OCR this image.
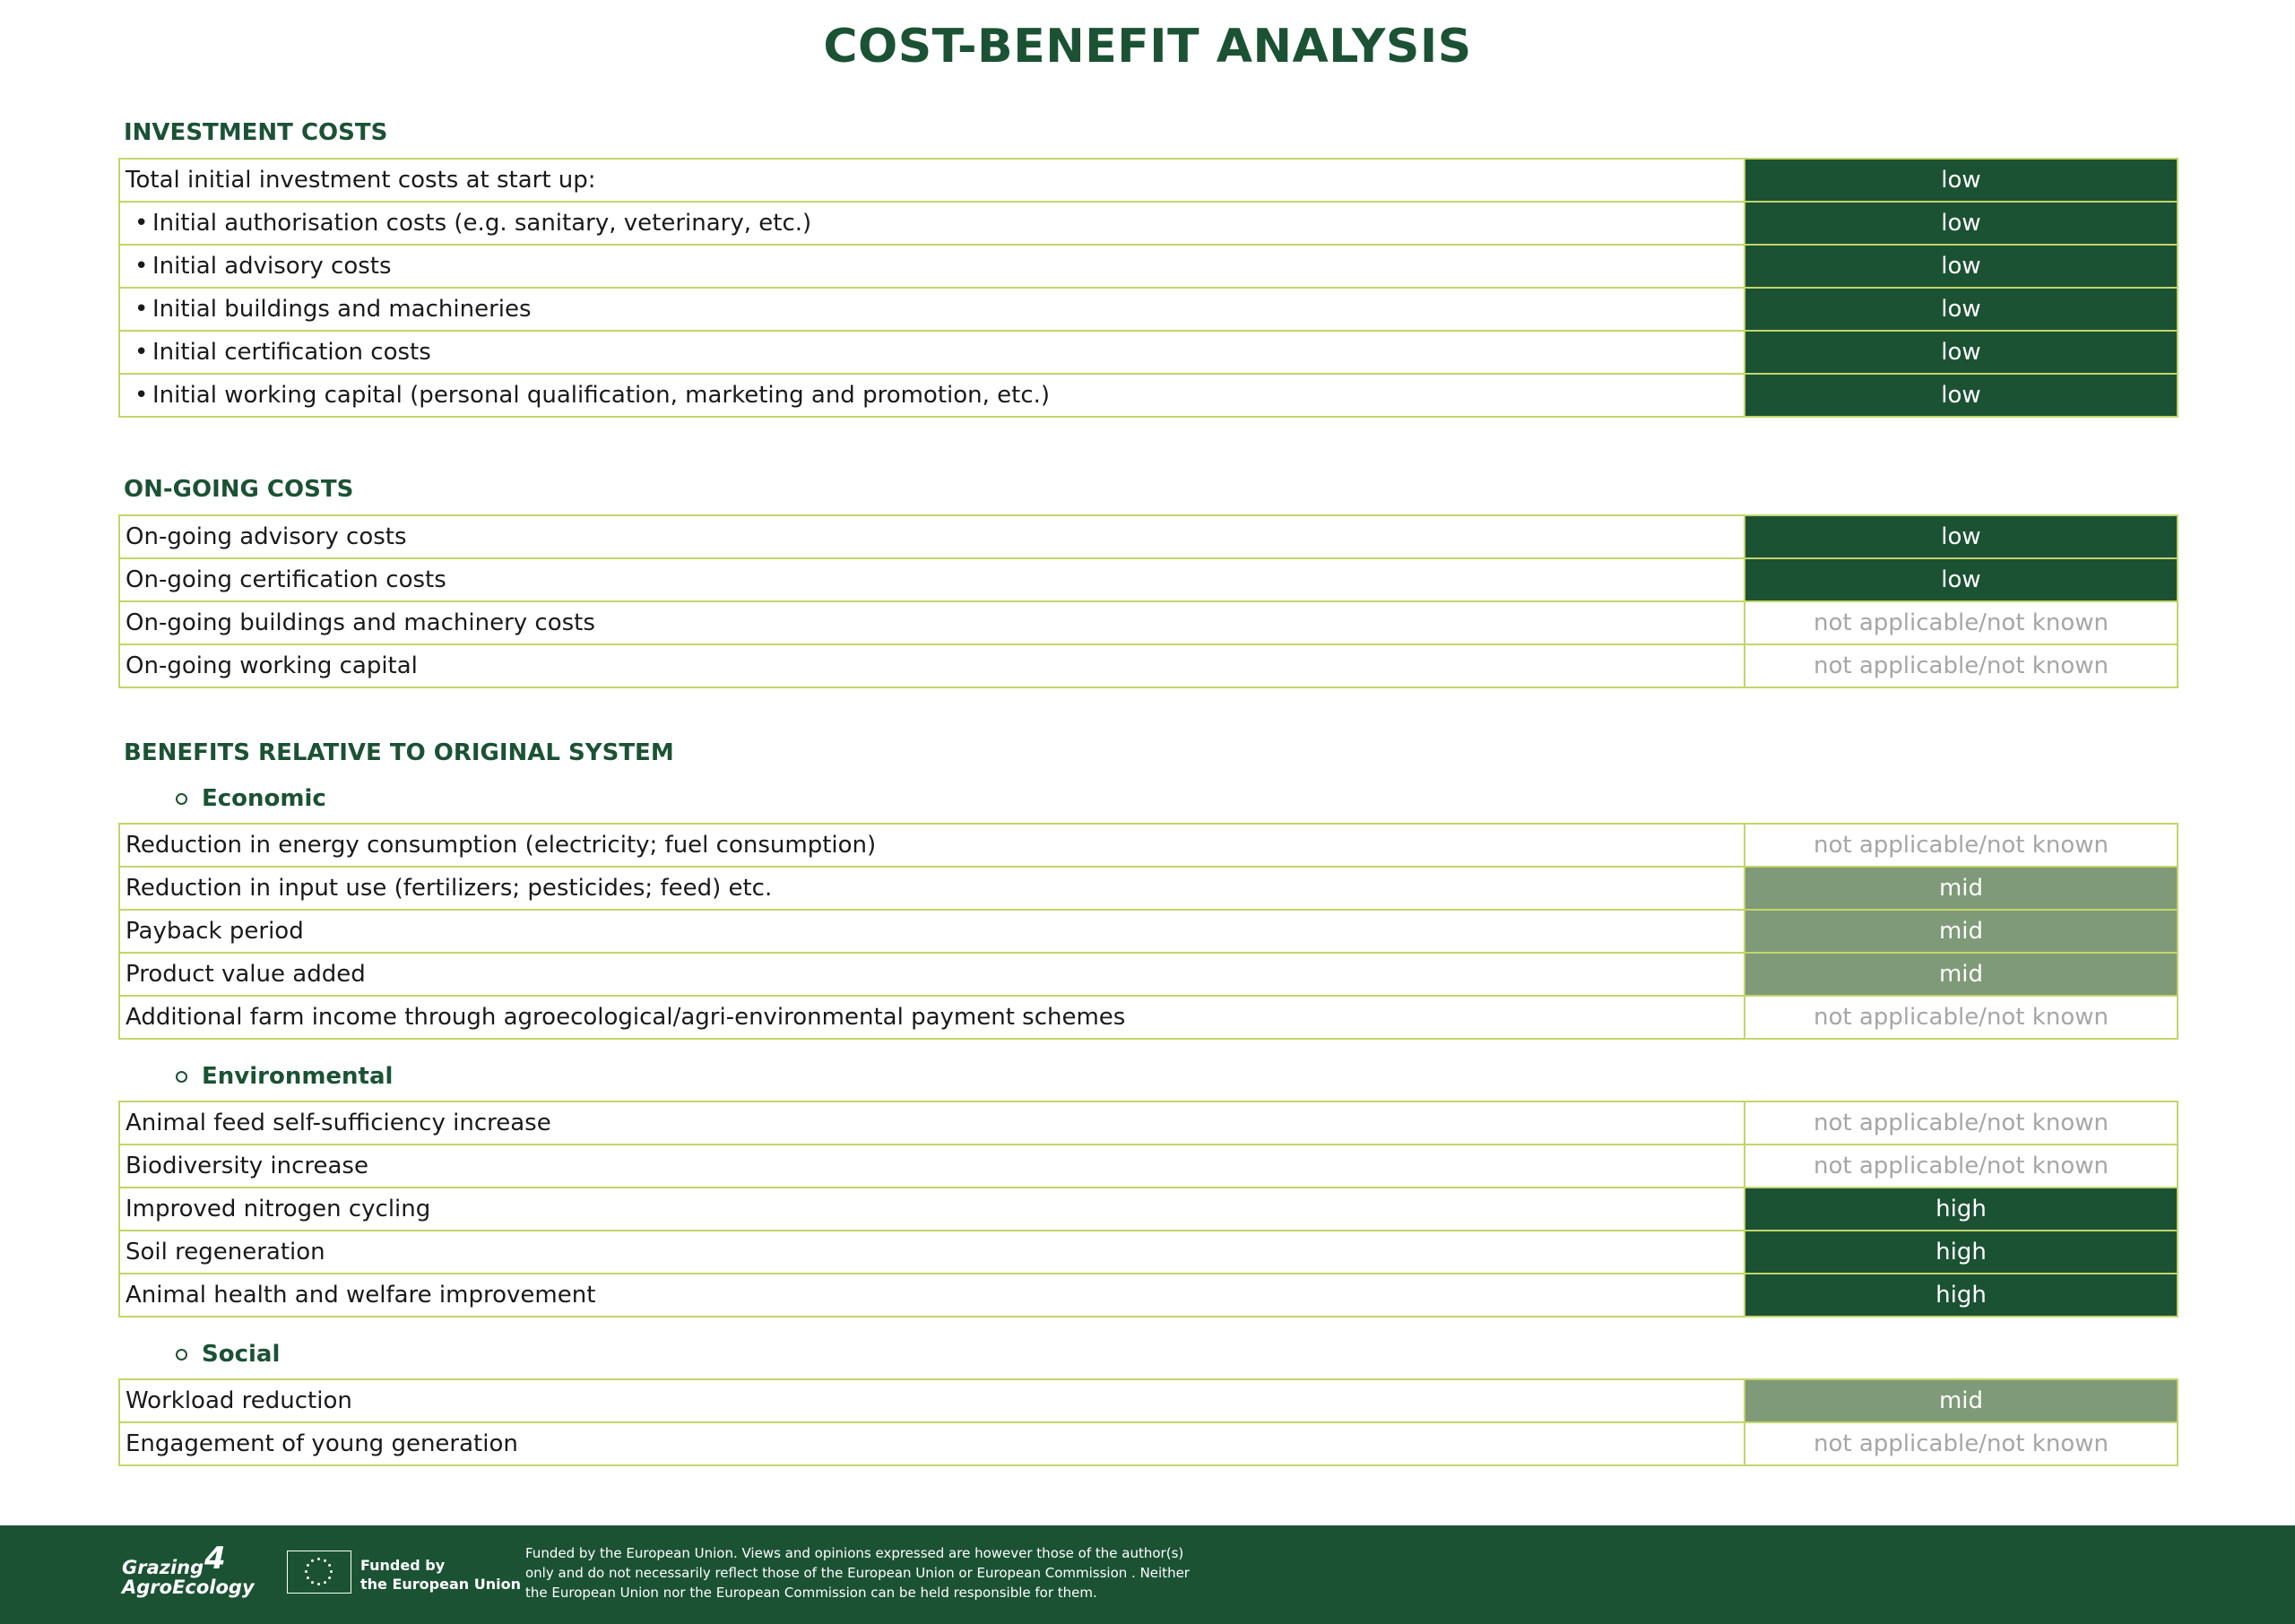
COST-BENEFIT ANALYSIS
INVESTMENT COSTS
Total initial investment costs at start up:	low
• Initial authorisation costs (e.g. sanitary, veterinary, etc.)	low
• Initial advisory costs	low
• Initial buildings and machineries	low
• Initial certification costs	low
• Initial working capital (personal qualification, marketing and promotion, etc.)	low
ON-GOING COSTS
On-going advisory costs	low
On-going certification costs	low
On-going buildings and machinery costs	not applicable/not known
On-going working capital	not applicable/not known
BENEFITS RELATIVE TO ORIGINAL SYSTEM
Economic
Reduction in energy consumption (electricity; fuel consumption)	not applicable/not known
Reduction in input use (fertilizers; pesticides; feed) etc.	mid
Payback period	mid
Product value added	mid
Additional farm income through agroecological/agri-environmental payment schemes	not applicable/not known
Environmental
Animal feed self-sufficiency increase	not applicable/not known
Biodiversity increase	not applicable/not known
Improved nitrogen cycling	high
Soil regeneration	high
Animal health and welfare improvement	high
Social
Workload reduction	mid
Engagement of young generation	not applicable/not known
Grazing
AgroEcology
4	Funded by
the European Union
Funded by the European Union. Views and opinions expressed are however those of the author(s)
only and do not necessarily reflect those of the European Union or European Commission . Neither
the European Union nor the European Commission can be held responsible for them.
